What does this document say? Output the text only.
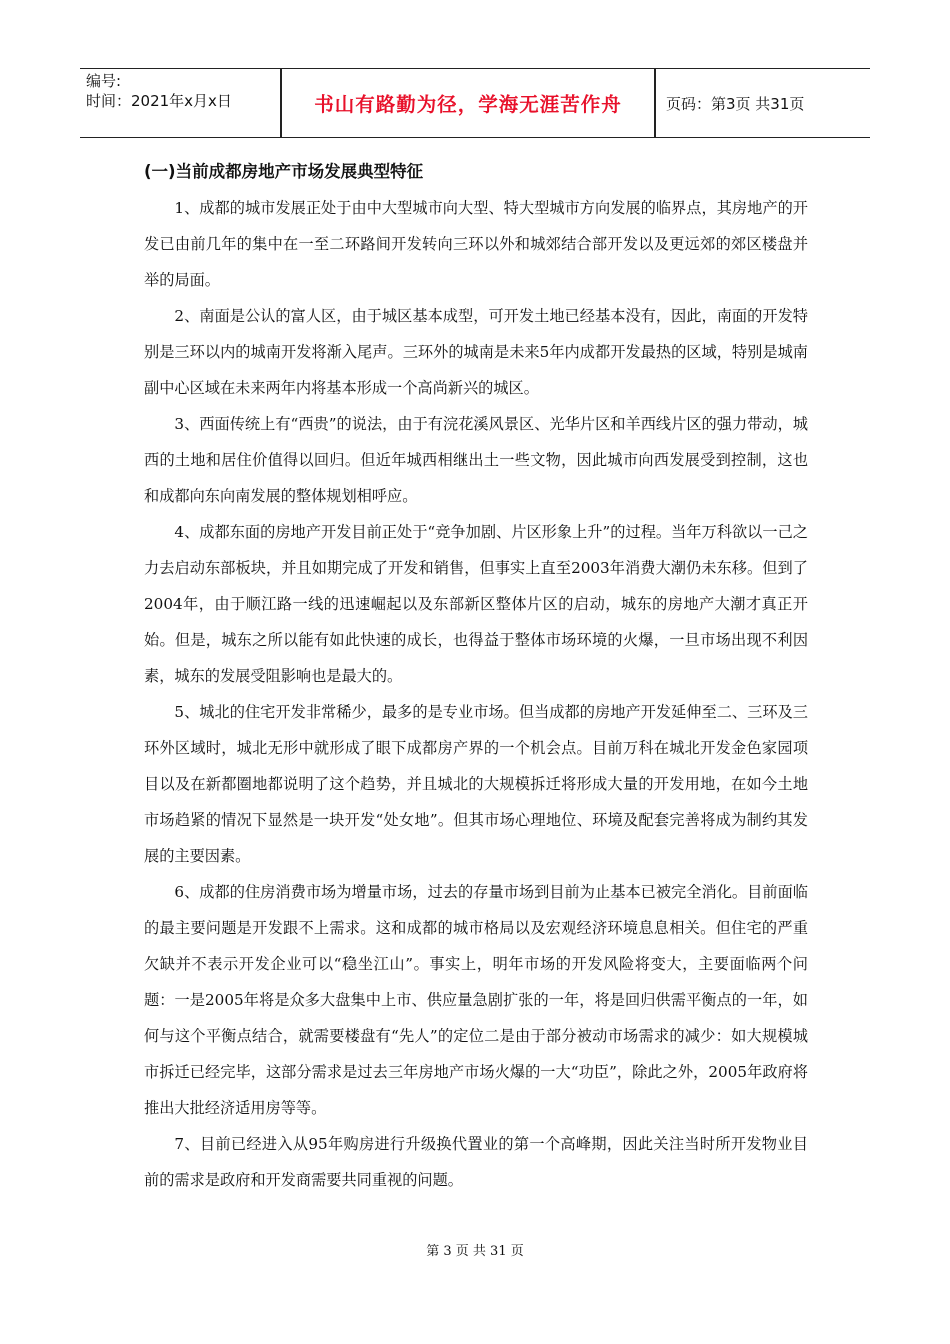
编号:
时间：2021年x月x日	书山有路勤为径，学海无涯苦作舟	页码：第3页 共31页
(一)当前成都房地产市场发展典型特征

1、成都的城市发展正处于由中大型城市向大型、特大型城市方向发展的临界点，其房地产的开发已由前几年的集中在一至二环路间开发转向三环以外和城郊结合部开发以及更远郊的郊区楼盘并举的局面。

2、南面是公认的富人区，由于城区基本成型，可开发土地已经基本没有，因此，南面的开发特别是三环以内的城南开发将渐入尾声。三环外的城南是未来5年内成都开发最热的区域，特别是城南副中心区域在未来两年内将基本形成一个高尚新兴的城区。

3、西面传统上有“西贵”的说法，由于有浣花溪风景区、光华片区和羊西线片区的强力带动，城西的土地和居住价值得以回归。但近年城西相继出土一些文物，因此城市向西发展受到控制，这也和成都向东向南发展的整体规划相呼应。

4、成都东面的房地产开发目前正处于“竞争加剧、片区形象上升”的过程。当年万科欲以一己之力去启动东部板块，并且如期完成了开发和销售，但事实上直至2003年消费大潮仍未东移。但到了2004年，由于顺江路一线的迅速崛起以及东部新区整体片区的启动，城东的房地产大潮才真正开始。但是，城东之所以能有如此快速的成长，也得益于整体市场环境的火爆，一旦市场出现不利因素，城东的发展受阻影响也是最大的。

5、城北的住宅开发非常稀少，最多的是专业市场。但当成都的房地产开发延伸至二、三环及三环外区域时，城北无形中就形成了眼下成都房产界的一个机会点。目前万科在城北开发金色家园项目以及在新都圈地都说明了这个趋势，并且城北的大规模拆迁将形成大量的开发用地，在如今土地市场趋紧的情况下显然是一块开发“处女地”。但其市场心理地位、环境及配套完善将成为制约其发展的主要因素。

6、成都的住房消费市场为增量市场，过去的存量市场到目前为止基本已被完全消化。目前面临的最主要问题是开发跟不上需求。这和成都的城市格局以及宏观经济环境息息相关。但住宅的严重欠缺并不表示开发企业可以“稳坐江山”。事实上，明年市场的开发风险将变大，主要面临两个问题：一是2005年将是众多大盘集中上市、供应量急剧扩张的一年，将是回归供需平衡点的一年，如何与这个平衡点结合，就需要楼盘有“先人”的定位二是由于部分被动市场需求的减少：如大规模城市拆迁已经完毕，这部分需求是过去三年房地产市场火爆的一大“功臣”，除此之外，2005年政府将推出大批经济适用房等等。

7、目前已经进入从95年购房进行升级换代置业的第一个高峰期，因此关注当时所开发物业目前的需求是政府和开发商需要共同重视的问题。

第 3 页 共 31 页
